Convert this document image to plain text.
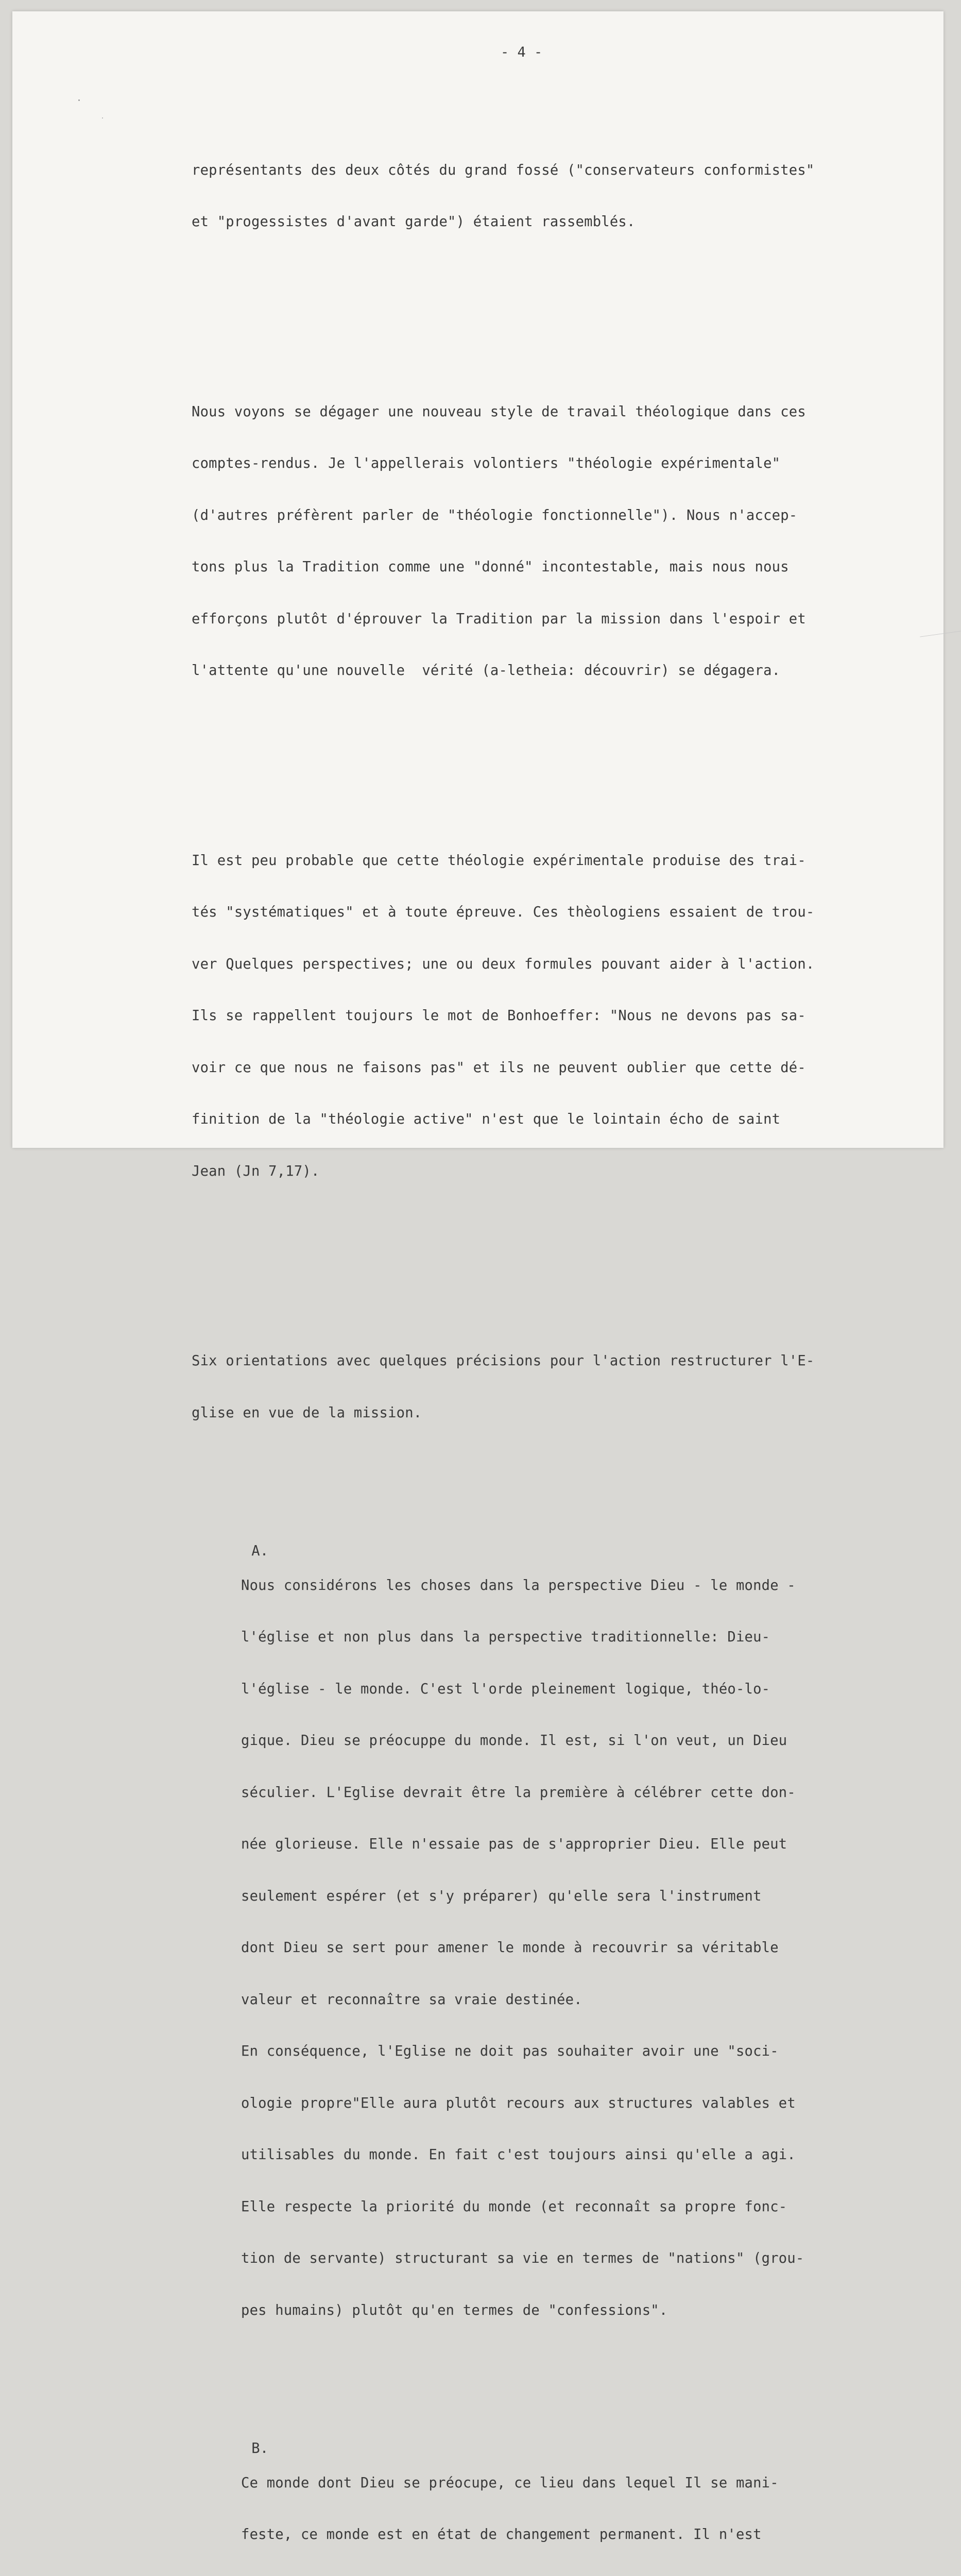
- 4 -

représentants des deux côtés du grand fossé ("conservateurs conformistes"

et "progessistes d'avant garde") étaient rassemblés.

Nous voyons se dégager une nouveau style de travail théologique dans ces

comptes-rendus. Je l'appellerais volontiers "théologie expérimentale"

(d'autres préfèrent parler de "théologie fonctionnelle"). Nous n'accep-

tons plus la Tradition comme une "donné" incontestable, mais nous nous

efforçons plutôt d'éprouver la Tradition par la mission dans l'espoir et

l'attente qu'une nouvelle  vérité (a-letheia: découvrir) se dégagera.

Il est peu probable que cette théologie expérimentale produise des trai-

tés "systématiques" et à toute épreuve. Ces thèologiens essaient de trou-

ver Quelques perspectives; une ou deux formules pouvant aider à l'action.

Ils se rappellent toujours le mot de Bonhoeffer: "Nous ne devons pas sa-

voir ce que nous ne faisons pas" et ils ne peuvent oublier que cette dé-

finition de la "théologie active" n'est que le lointain écho de saint

Jean (Jn 7,17).

Six orientations avec quelques précisions pour l'action restructurer l'E-

glise en vue de la mission.

A.

Nous considérons les choses dans la perspective Dieu - le monde -

l'église et non plus dans la perspective traditionnelle: Dieu-

l'église - le monde. C'est l'orde pleinement logique, théo-lo-

gique. Dieu se préocuppe du monde. Il est, si l'on veut, un Dieu

séculier. L'Eglise devrait être la première à célébrer cette don-

née glorieuse. Elle n'essaie pas de s'approprier Dieu. Elle peut

seulement espérer (et s'y préparer) qu'elle sera l'instrument

dont Dieu se sert pour amener le monde à recouvrir sa véritable

valeur et reconnaître sa vraie destinée.

En conséquence, l'Eglise ne doit pas souhaiter avoir une "soci-

ologie propre"Elle aura plutôt recours aux structures valables et

utilisables du monde. En fait c'est toujours ainsi qu'elle a agi.

Elle respecte la priorité du monde (et reconnaît sa propre fonc-

tion de servante) structurant sa vie en termes de "nations" (grou-

pes humains) plutôt qu'en termes de "confessions".

B.

Ce monde dont Dieu se préocupe, ce lieu dans lequel Il se mani-

feste, ce monde est en état de changement permanent. Il n'est
